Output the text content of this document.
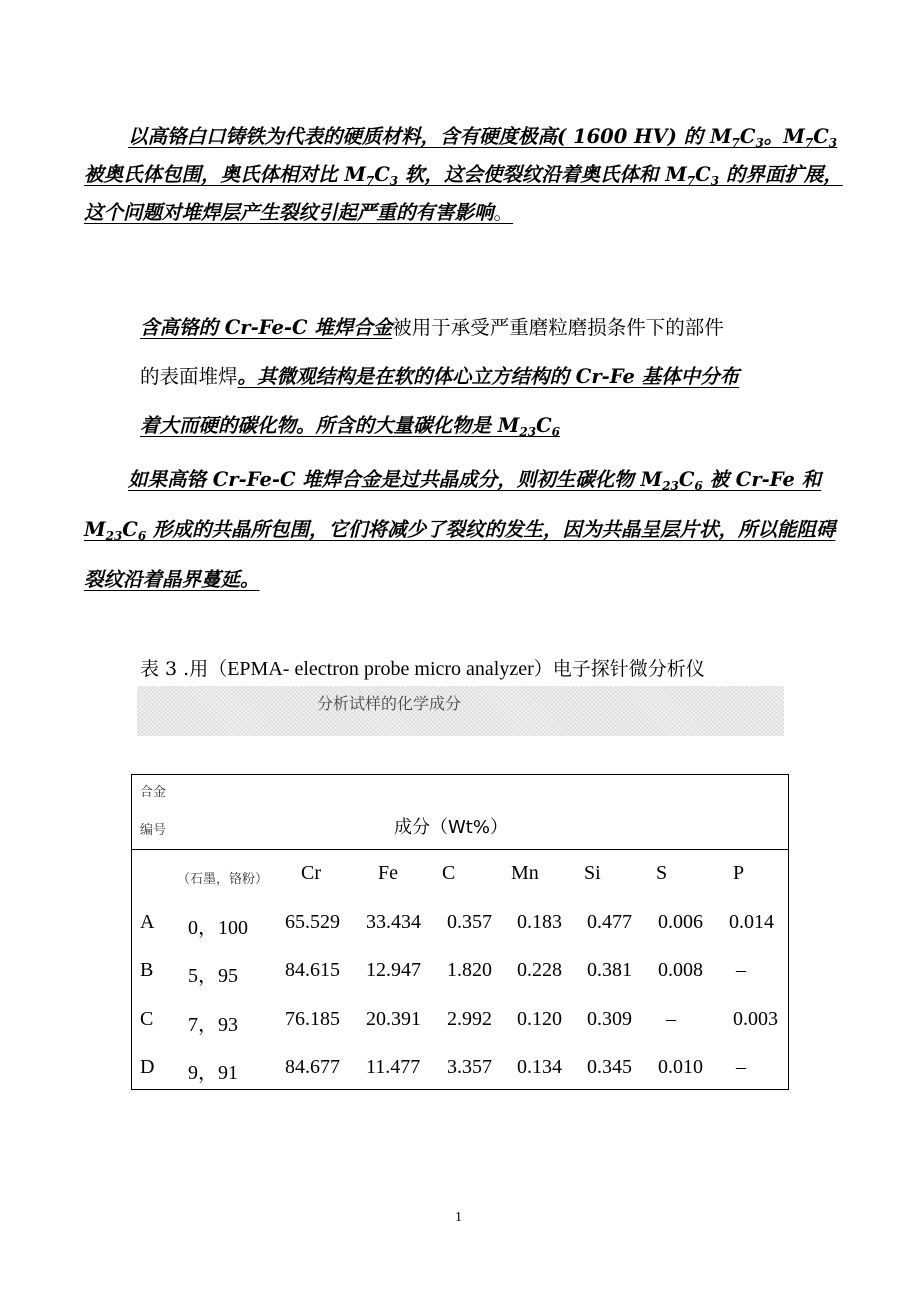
以高铬白口铸铁为代表的硬质材料，含有硬度极高( 1600 HV) 的 $M_7C_3$。$M_7C_3$被奥氏体包围，奥氏体相对比 $M_7C_3$ 软，这会使裂纹沿着奥氏体和 $M_7C_3$ 的界面扩展，这个问题对堆焊层产生裂纹引起严重的有害影响。

含高铬的 Cr-Fe-C 堆焊合金被用于承受严重磨粒磨损条件下的部件

的表面堆焊。其微观结构是在软的体心立方结构的 Cr-Fe 基体中分布

着大而硬的碳化物。所含的大量碳化物是 $M_{23}C_6$

如果高铬 Cr-Fe-C 堆焊合金是过共晶成分，则初生碳化物 $M_{23}C_6$ 被 Cr-Fe 和$M_{23}C_6$ 形成的共晶所包围，它们将减少了裂纹的发生，因为共晶呈层片状，所以能阻碍裂纹沿着晶界蔓延。

表 3 .用（EPMA- electron probe micro analyzer）电子探针微分析仪
分析试样的化学成分
合金
编号	成分（Wt%）
（石墨，铬粉） Cr	Fe C	Mn Si	S	P
A 0，100 65.529 33.434 0.357 0.183 0.477 0.006 0.014
B 5，95 84.615 12.947 1.820 0.228 0.381 0.008 –
C 7，93 76.185 20.391 2.992 0.120 0.309 –	0.003
D 9，91 84.677 11.477 3.357 0.134 0.345 0.010 –
1
